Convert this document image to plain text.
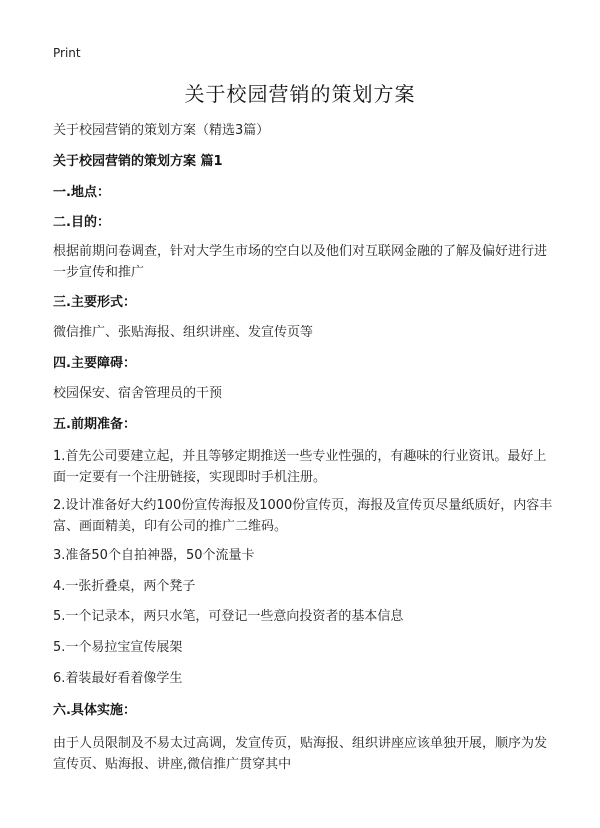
Print
关于校园营销的策划方案
关于校园营销的策划方案（精选3篇）
关于校园营销的策划方案 篇1
一.地点：
二.目的：
根据前期问卷调查，针对大学生市场的空白以及他们对互联网金融的了解及偏好进行进一步宣传和推广
三.主要形式：
微信推广、张贴海报、组织讲座、发宣传页等
四.主要障碍：
校园保安、宿舍管理员的干预
五.前期准备：
1.首先公司要建立起，并且等够定期推送一些专业性强的，有趣味的行业资讯。最好上面一定要有一个注册链接，实现即时手机注册。
2.设计准备好大约100份宣传海报及1000份宣传页，海报及宣传页尽量纸质好，内容丰富、画面精美，印有公司的推广二维码。
3.准备50个自拍神器，50个流量卡
4.一张折叠桌，两个凳子
5.一个记录本，两只水笔，可登记一些意向投资者的基本信息
5.一个易拉宝宣传展架
6.着装最好看着像学生
六.具体实施：
由于人员限制及不易太过高调，发宣传页，贴海报、组织讲座应该单独开展，顺序为发宣传页、贴海报、讲座,微信推广贯穿其中
